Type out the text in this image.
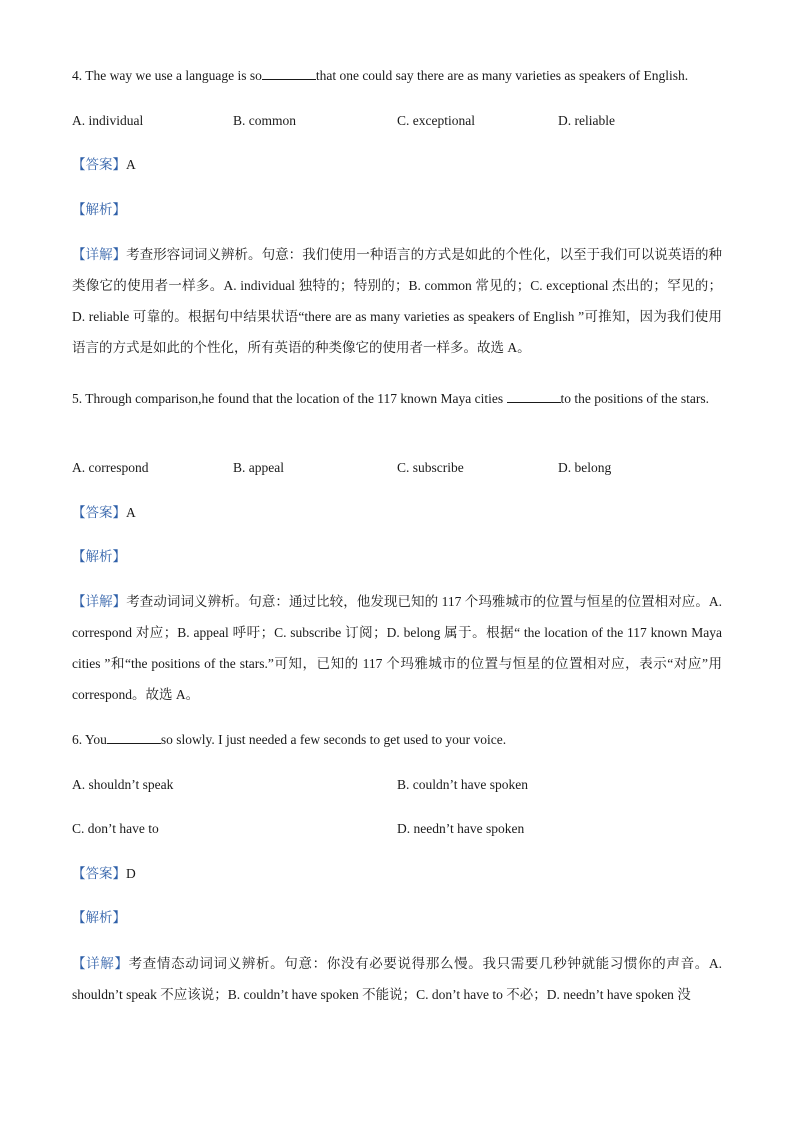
4. The way we use a language is so	that one could say there are as many varieties as speakers of English.
A. individual	B. common	C. exceptional	D. reliable
【答案】A
【解析】
【详解】考查形容词词义辨析。句意：我们使用一种语言的方式是如此的个性化，以至于我们可以说英语的种类像它的使用者一样多。A. individual 独特的；特别的；B. common 常见的；C. exceptional 杰出的；罕见的；D. reliable 可靠的。根据句中结果状语“there are as many varieties as speakers of English ”可推知，因为我们使用语言的方式是如此的个性化，所有英语的种类像它的使用者一样多。故选 A。
5. Through comparison,he found that the location of the 117 known Maya cities	to the positions of the stars.
A. correspond	B. appeal	C. subscribe	D. belong
【答案】A
【解析】
【详解】考查动词词义辨析。句意：通过比较，他发现已知的 117 个玛雅城市的位置与恒星的位置相对应。A. correspond 对应；B. appeal 呼吁；C. subscribe 订阅；D. belong 属于。根据“ the location of the 117 known Maya cities ”和“the positions of the stars.”可知，已知的 117 个玛雅城市的位置与恒星的位置相对应，表示“对应”用 correspond。故选 A。
6. You	so slowly. I just needed a few seconds to get used to your voice.
A. shouldn’t speak	B. couldn’t have spoken
C. don’t have to	D. needn’t have spoken
【答案】D
【解析】
【详解】考查情态动词词义辨析。句意：你没有必要说得那么慢。我只需要几秒钟就能习惯你的声音。A. shouldn’t speak 不应该说；B. couldn’t have spoken 不能说；C. don’t have to 不必；D. needn’t have spoken 没
